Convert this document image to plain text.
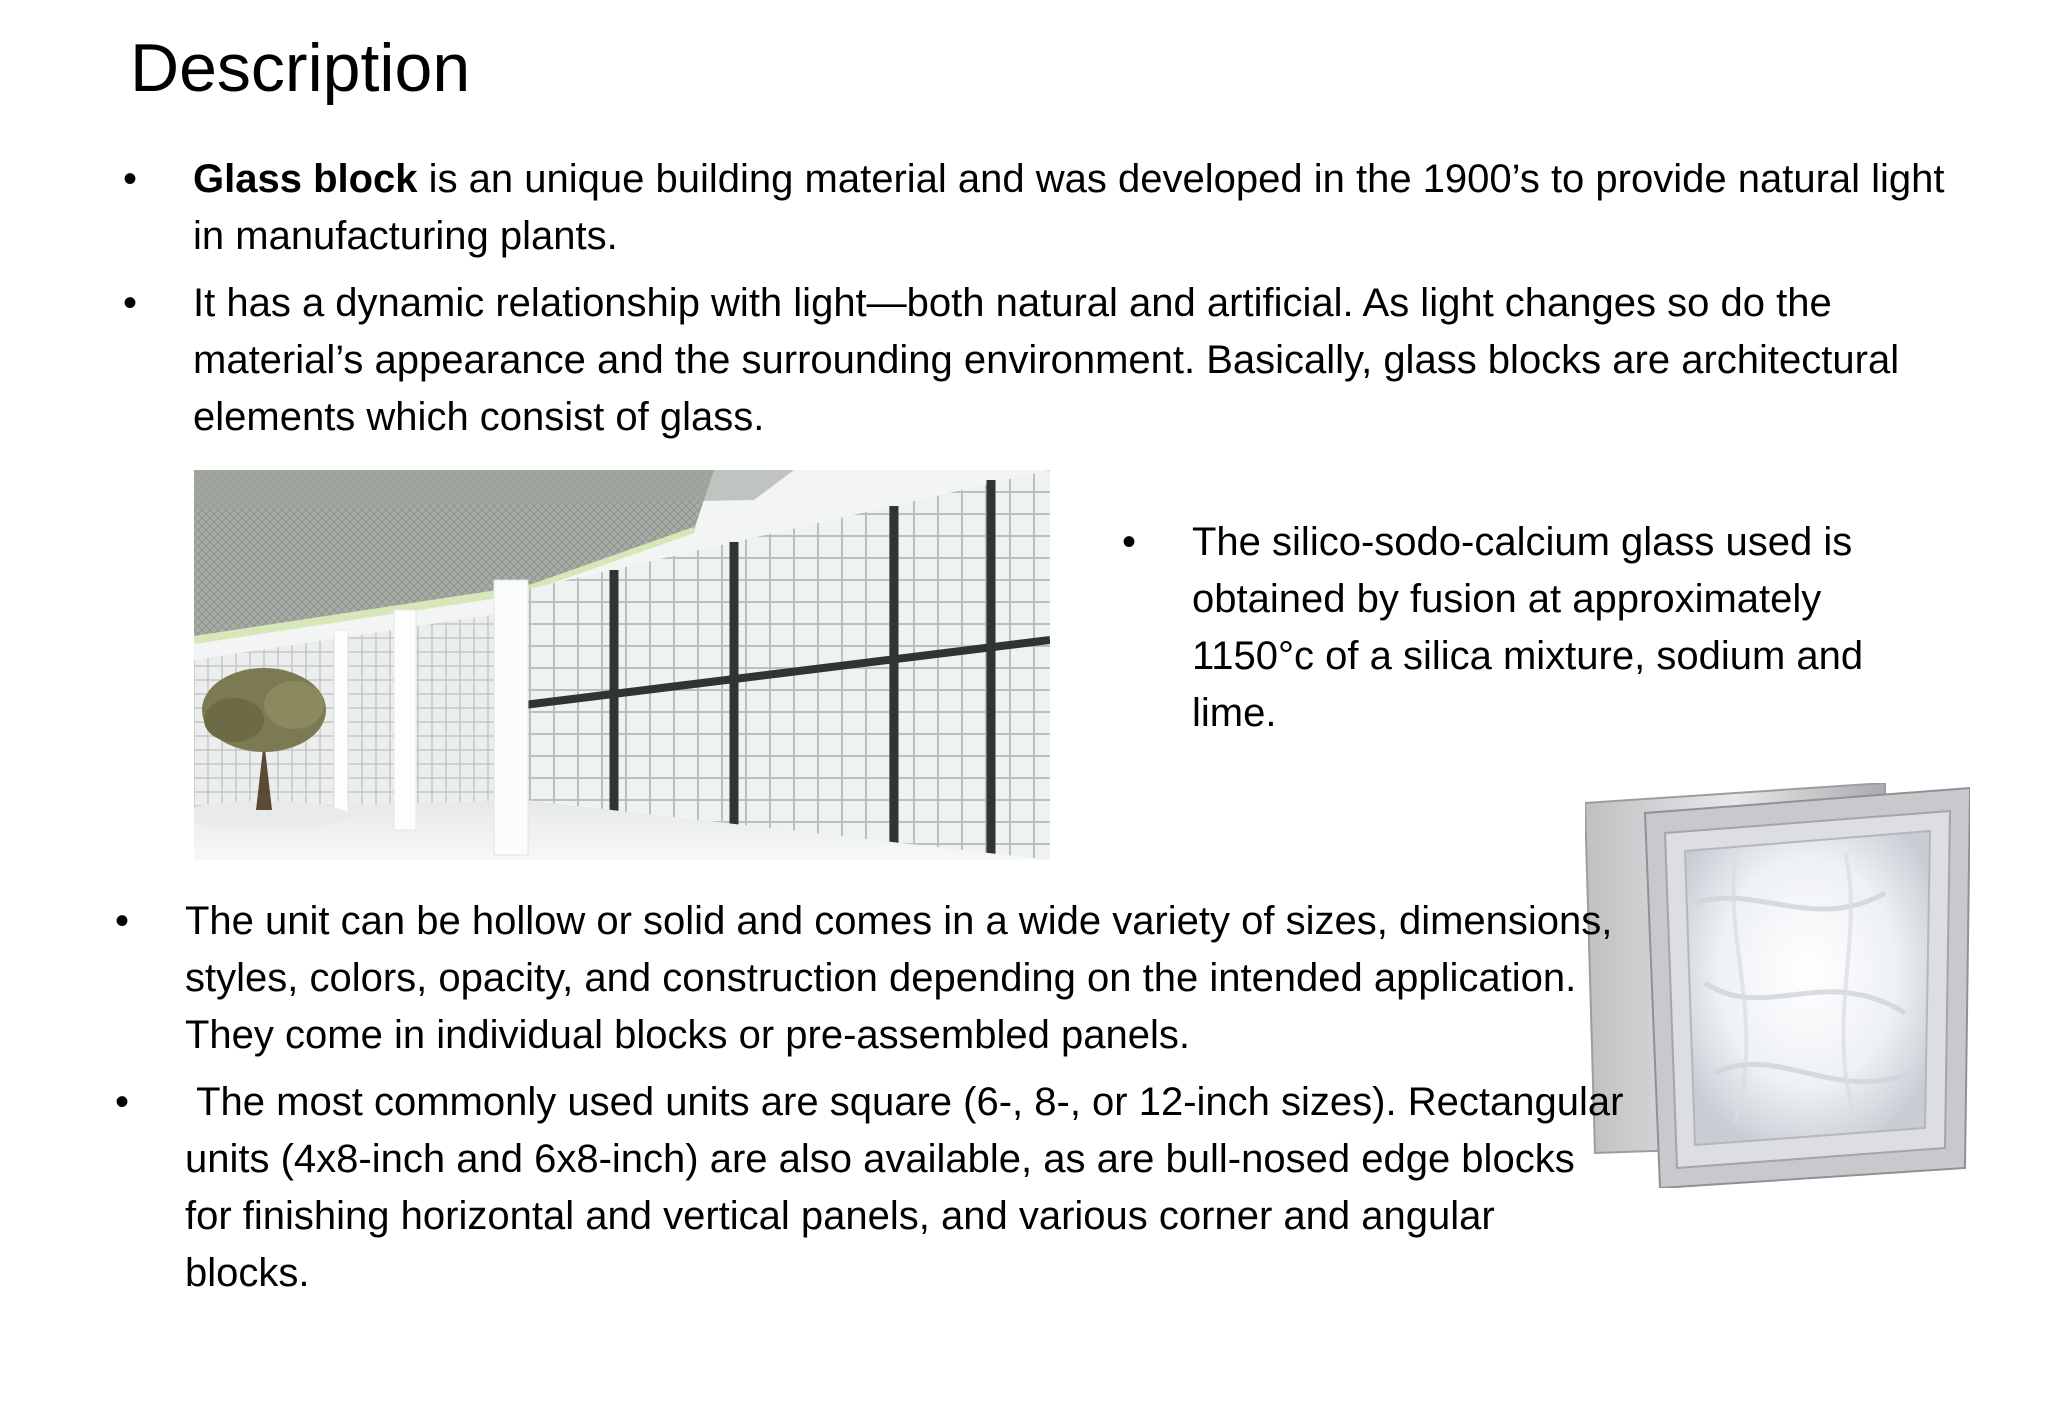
Description
• Glass block is an unique building material and was developed in the 1900’s to provide natural light in manufacturing plants.
• It has a dynamic relationship with light—both natural and artificial. As light changes so do the material’s appearance and the surrounding environment. Basically, glass blocks are architectural elements which consist of glass.
• The silico-sodo-calcium glass used is obtained by fusion at approximately 1150°c of a silica mixture, sodium and lime.
• The unit can be hollow or solid and comes in a wide variety of sizes, dimensions, styles, colors, opacity, and construction depending on the intended application. They come in individual blocks or pre-assembled panels.
• The most commonly used units are square (6-, 8-, or 12-inch sizes). Rectangular units (4x8-inch and 6x8-inch) are also available, as are bull-nosed edge blocks for finishing horizontal and vertical panels, and various corner and angular blocks.
